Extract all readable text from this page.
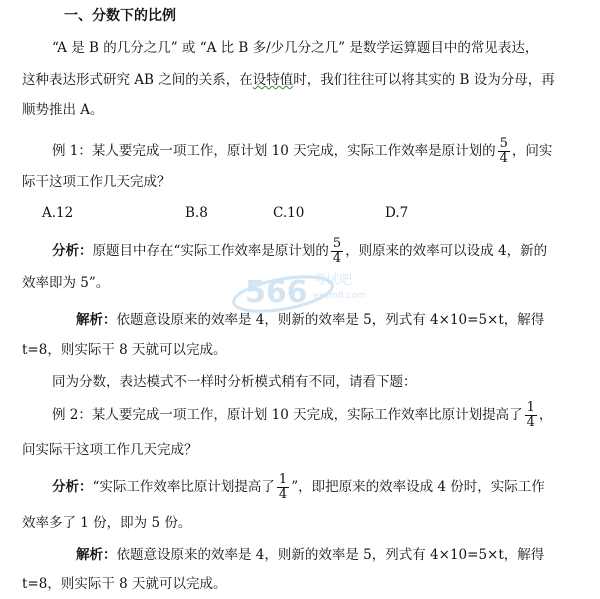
一、分数下的比例
“A 是 B 的几分之几” 或 “A 比 B 多/少几分之几” 是数学运算题目中的常见表达，
这种表达形式研究 AB 之间的关系，在设特值时，我们往往可以将其实的 B 设为分母，再
顺势推出 A。
例 1：某人要完成一项工作，原计划 10 天完成，实际工作效率是原计划的 $\frac{5}{4}$ ，问实
际干这项工作几天完成？
A.12	B.8	C.10	D.7
分析：原题目中存在“实际工作效率是原计划的 $\frac{5}{4}$ ，则原来的效率可以设成 4，新的
效率即为 5”。	566 考试吧
exam8.com
解析：依题意设原来的效率是 4，则新的效率是 5，列式有 4×10=5×t，解得
t=8，则实际干 8 天就可以完成。
同为分数，表达模式不一样时分析模式稍有不同，请看下题：
例 2：某人要完成一项工作，原计划 10 天完成，实际工作效率比原计划提高了 $\frac{1}{4}$ ，
问实际干这项工作几天完成？
分析：“实际工作效率比原计划提高了 $\frac{1}{4}$ ”，即把原来的效率设成 4 份时，实际工作
效率多了 1 份，即为 5 份。
解析：依题意设原来的效率是 4，则新的效率是 5，列式有 4×10=5×t，解得
t=8，则实际干 8 天就可以完成。
